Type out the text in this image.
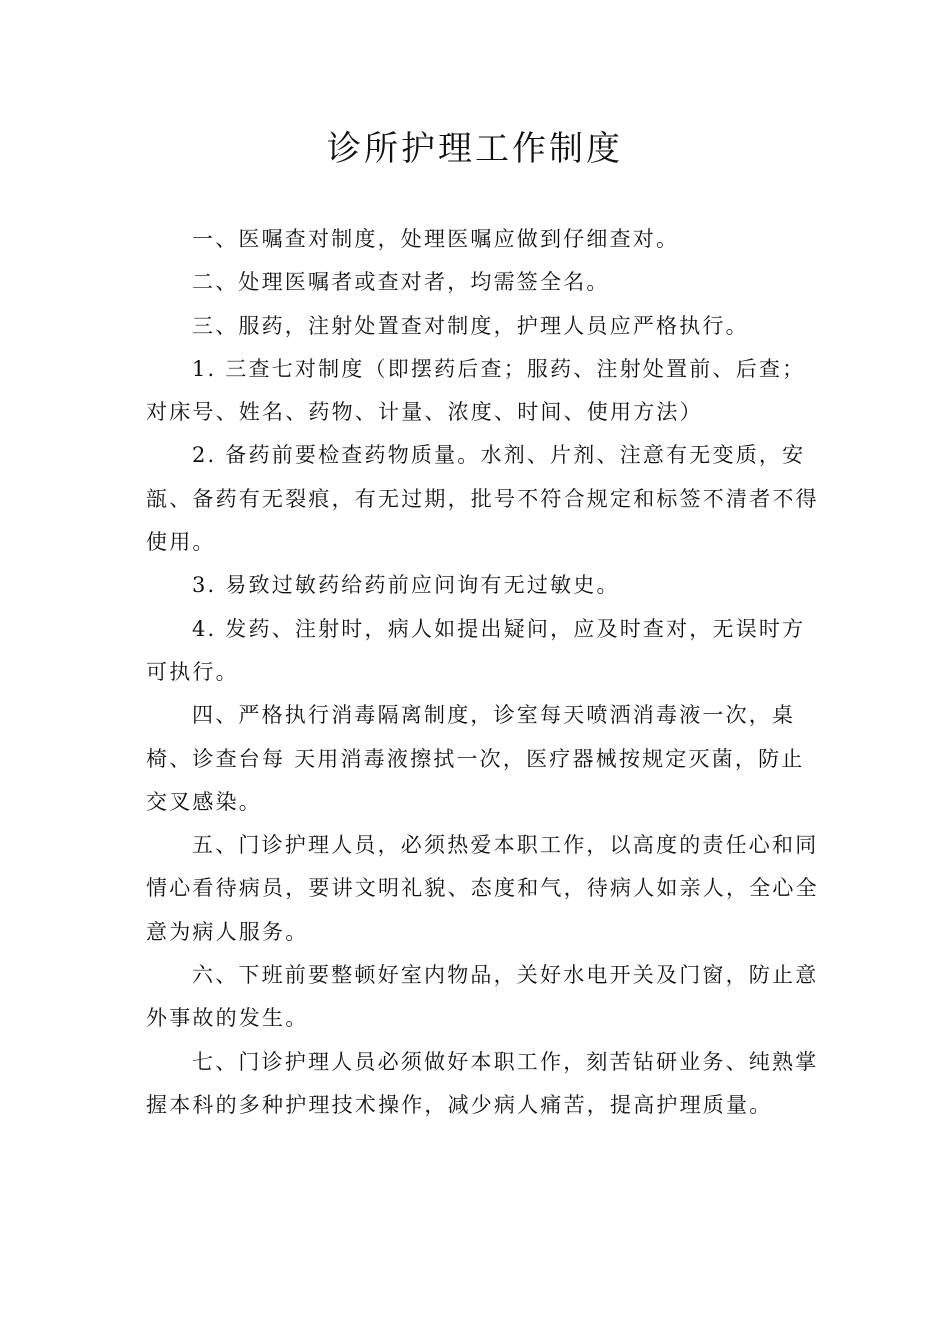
诊所护理工作制度

一、医嘱查对制度，处理医嘱应做到仔细查对。

二、处理医嘱者或查对者，均需签全名。

三、服药，注射处置查对制度，护理人员应严格执行。

1. 三查七对制度（即摆药后查；服药、注射处置前、后查；对床号、姓名、药物、计量、浓度、时间、使用方法）

2. 备药前要检查药物质量。水剂、片剂、注意有无变质，安瓿、备药有无裂痕，有无过期，批号不符合规定和标签不清者不得使用。

3. 易致过敏药给药前应问询有无过敏史。

4. 发药、注射时，病人如提出疑问，应及时查对，无误时方可执行。

四、严格执行消毒隔离制度，诊室每天喷洒消毒液一次，桌椅、诊查台每 天用消毒液擦拭一次，医疗器械按规定灭菌，防止交叉感染。

五、门诊护理人员，必须热爱本职工作，以高度的责任心和同情心看待病员，要讲文明礼貌、态度和气，待病人如亲人，全心全意为病人服务。

六、下班前要整顿好室内物品，关好水电开关及门窗，防止意外事故的发生。

七、门诊护理人员必须做好本职工作，刻苦钻研业务、纯熟掌握本科的多种护理技术操作，减少病人痛苦，提高护理质量。
